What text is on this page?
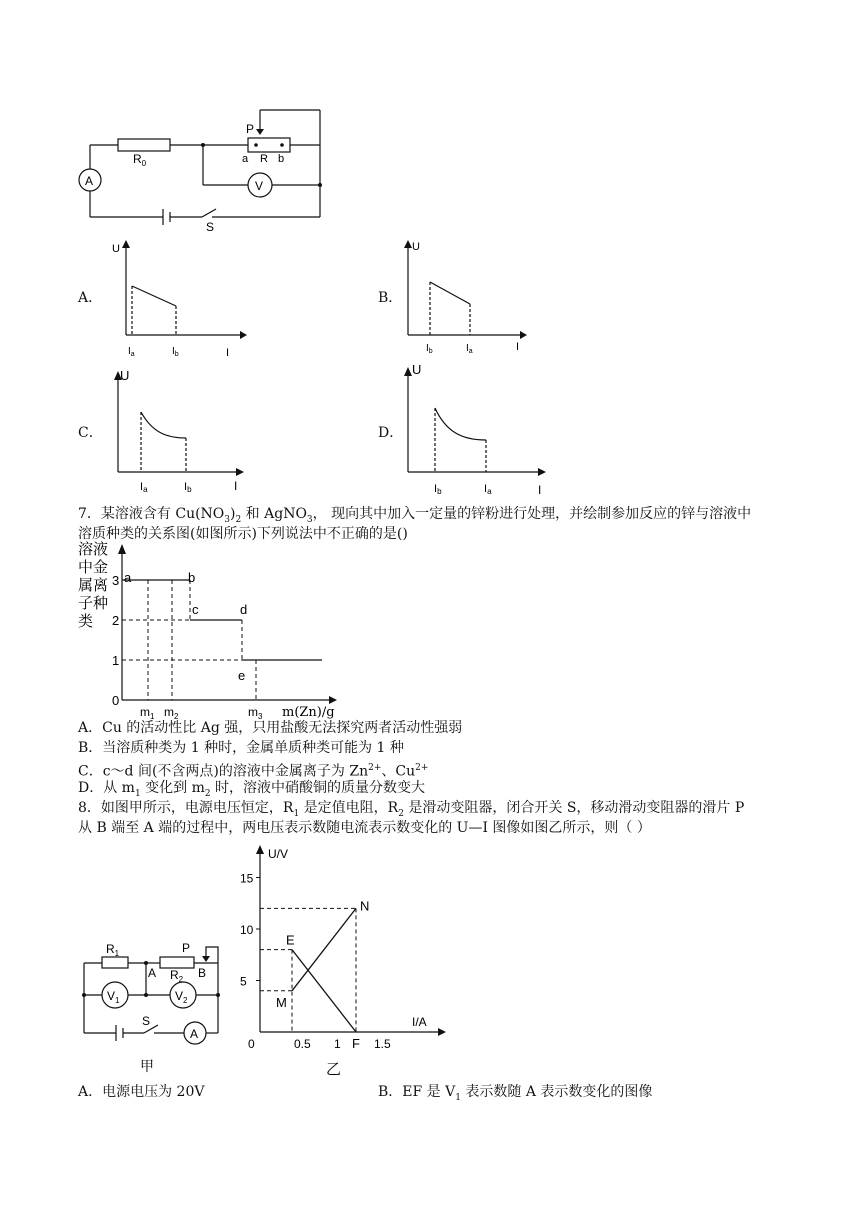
$R_0$
P
a R b
V
A
S
A．
U
I
$I_a$	$I_b$
B．
U
I
$I_b$	$I_a$
C．
U
I
Ia	Ib
D．
U
I
Ib	Ia
7．某溶液含有 $Cu(NO_3)_2$ 和 AgNO$_3$， 现向其中加入一定量的锌粉进行处理，并绘制参加反应的锌与溶液中
溶质种类的关系图(如图所示)下列说法中不正确的是()
溶液
中金
属离
子种
类
3
2
1
0
$m_1$ $m_2$	$m_3$ m(Zn)/g
a	b
c	d
e
A．Cu 的活动性比 Ag 强，只用盐酸无法探究两者活动性强弱
B．当溶质种类为 1 种时，金属单质种类可能为 1 种
C．c～d 间(不含两点)的溶液中金属离子为 $Zn^{2+}$、$Cu^{2+}$
D．从 $m_1$ 变化到 $m_2$ 时，溶液中硝酸铜的质量分数变大
8．如图甲所示，电源电压恒定，$R_1$ 是定值电阻，$R_2$ 是滑动变阻器，闭合开关 S，移动滑动变阻器的滑片 P
从 B 端至 A 端的过程中，两电压表示数随电流表示数变化的 U—I 图像如图乙所示，则（ ）
$R_1$
$R_2$
P
A	B
$V_1$	$V_2$
S
A
甲
U/V
I/A
15
10
5
0	0.5 1	1.5
N
E
M
F
乙
A．电源电压为 20V	B．EF 是 $V_1$ 表示数随 A 表示数变化的图像
